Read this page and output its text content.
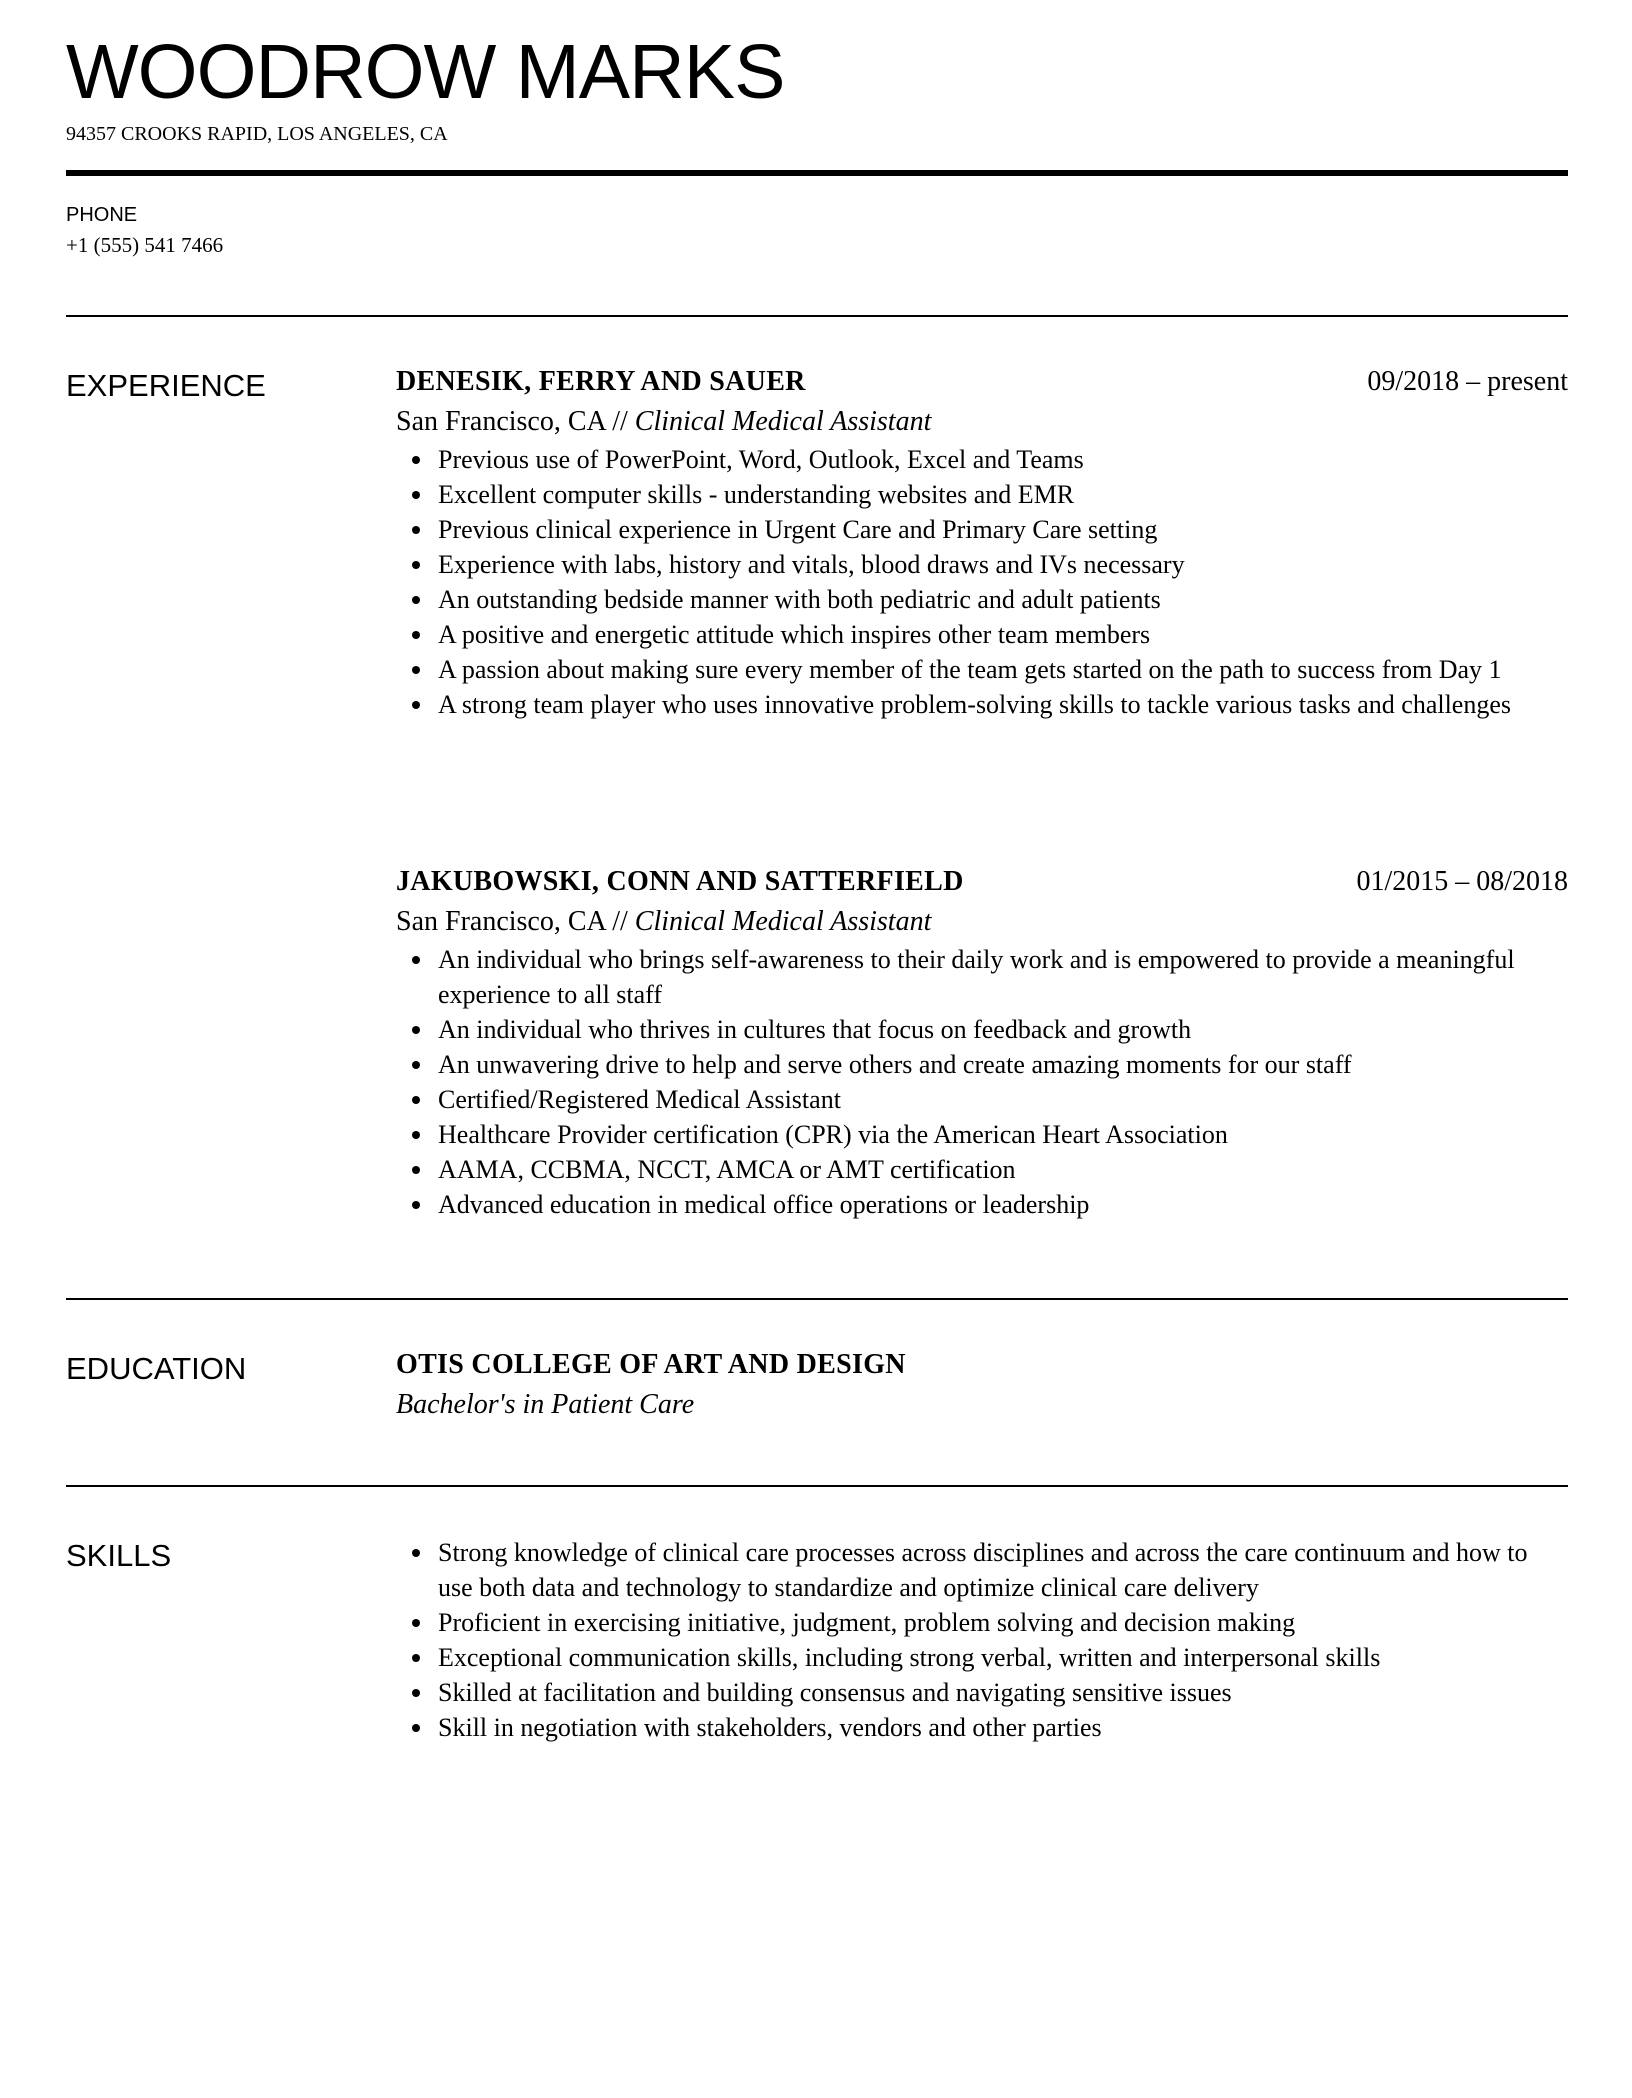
WOODROW MARKS
94357 CROOKS RAPID, LOS ANGELES, CA
PHONE
+1 (555) 541 7466
EXPERIENCE	DENESIK, FERRY AND SAUER	09/2018 – present
San Francisco, CA // Clinical Medical Assistant
Previous use of PowerPoint, Word, Outlook, Excel and Teams
Excellent computer skills - understanding websites and EMR
Previous clinical experience in Urgent Care and Primary Care setting
Experience with labs, history and vitals, blood draws and IVs necessary
An outstanding bedside manner with both pediatric and adult patients
A positive and energetic attitude which inspires other team members
A passion about making sure every member of the team gets started on the path to success from Day 1
A strong team player who uses innovative problem-solving skills to tackle various tasks and challenges
JAKUBOWSKI, CONN AND SATTERFIELD	01/2015 – 08/2018
San Francisco, CA // Clinical Medical Assistant
An individual who brings self-awareness to their daily work and is empowered to provide a meaningful experience to all staff
An individual who thrives in cultures that focus on feedback and growth
An unwavering drive to help and serve others and create amazing moments for our staff
Certified/Registered Medical Assistant
Healthcare Provider certification (CPR) via the American Heart Association
AAMA, CCBMA, NCCT, AMCA or AMT certification
Advanced education in medical office operations or leadership
EDUCATION	OTIS COLLEGE OF ART AND DESIGN
Bachelor's in Patient Care
SKILLS	Strong knowledge of clinical care processes across disciplines and across the care continuum and how to use both data and technology to standardize and optimize clinical care delivery
Proficient in exercising initiative, judgment, problem solving and decision making
Exceptional communication skills, including strong verbal, written and interpersonal skills
Skilled at facilitation and building consensus and navigating sensitive issues
Skill in negotiation with stakeholders, vendors and other parties
